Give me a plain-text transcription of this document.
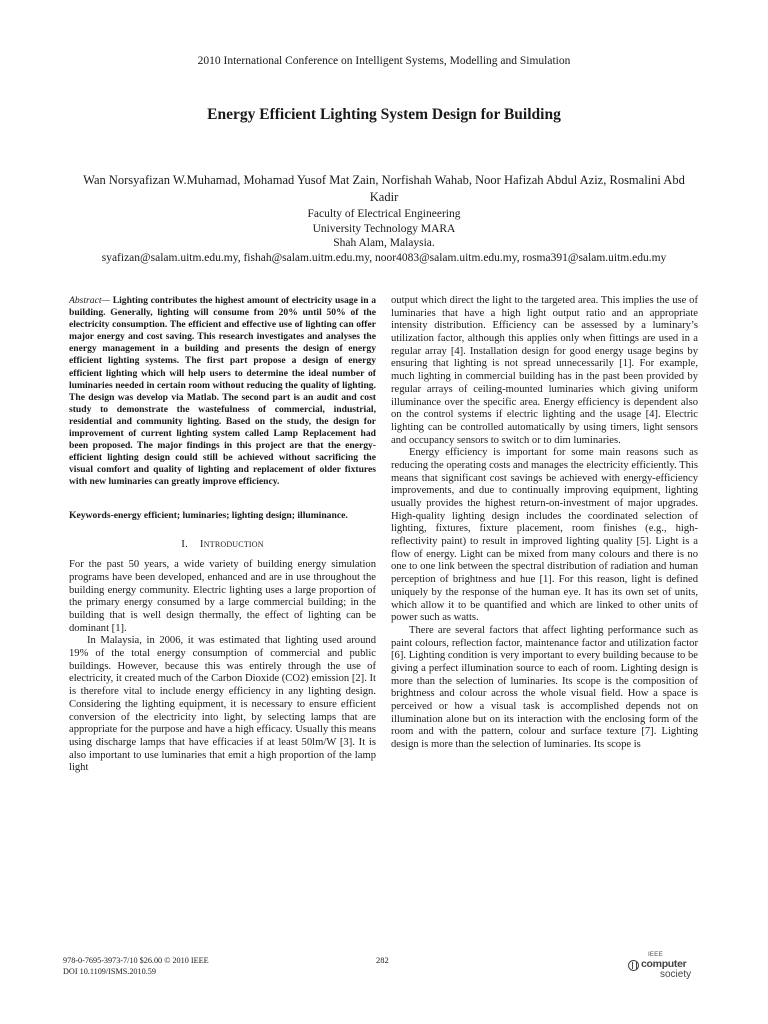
2010 International Conference on Intelligent Systems, Modelling and Simulation
Energy Efficient Lighting System Design for Building
Wan Norsyafizan W.Muhamad, Mohamad Yusof Mat Zain, Norfishah Wahab, Noor Hafizah Abdul Aziz, Rosmalini Abd Kadir
Faculty of Electrical Engineering
University Technology MARA
Shah Alam, Malaysia.
syafizan@salam.uitm.edu.my, fishah@salam.uitm.edu.my, noor4083@salam.uitm.edu.my, rosma391@salam.uitm.edu.my

Abstract— Lighting contributes the highest amount of electricity usage in a building. Generally, lighting will consume from 20% until 50% of the electricity consumption. The efficient and effective use of lighting can offer major energy and cost saving. This research investigates and analyses the energy management in a building and presents the design of energy efficient lighting systems. The first part propose a design of energy efficient lighting which will help users to determine the ideal number of luminaries needed in certain room without reducing the quality of lighting. The design was develop via Matlab. The second part is an audit and cost study to demonstrate the wastefulness of commercial, industrial, residential and community lighting. Based on the study, the design for improvement of current lighting system called Lamp Replacement had been proposed. The major findings in this project are that the energy-efficient lighting design could still be achieved without sacrificing the visual comfort and quality of lighting and replacement of older fixtures with new luminaries can greatly improve efficiency.

Keywords-energy efficient; luminaries; lighting design; illuminance.

I. Introduction

For the past 50 years, a wide variety of building energy simulation programs have been developed, enhanced and are in use throughout the building energy community. Electric lighting uses a large proportion of the primary energy consumed by a large commercial building; in the building that is well design thermally, the effect of lighting can be dominant [1].

In Malaysia, in 2006, it was estimated that lighting used around 19% of the total energy consumption of commercial and public buildings. However, because this was entirely through the use of electricity, it created much of the Carbon Dioxide (CO2) emission [2]. It is therefore vital to include energy efficiency in any lighting design. Considering the lighting equipment, it is necessary to ensure efficient conversion of the electricity into light, by selecting lamps that are appropriate for the purpose and have a high efficacy. Usually this means using discharge lamps that have efficacies if at least 50lm/W [3]. It is also important to use luminaries that emit a high proportion of the lamp light

output which direct the light to the targeted area. This implies the use of luminaries that have a high light output ratio and an appropriate intensity distribution. Efficiency can be assessed by a luminary’s utilization factor, although this applies only when fittings are used in a regular array [4]. Installation design for good energy usage begins by ensuring that lighting is not spread unnecessarily [1]. For example, much lighting in commercial building has in the past been provided by regular arrays of ceiling-mounted luminaries which giving uniform illuminance over the specific area. Energy efficiency is dependent also on the control systems if electric lighting and the usage [4]. Electric lighting can be controlled automatically by using timers, light sensors and occupancy sensors to switch or to dim luminaries.

Energy efficiency is important for some main reasons such as reducing the operating costs and manages the electricity efficiently. This means that significant cost savings be achieved with energy-efficiency improvements, and due to continually improving equipment, lighting usually provides the highest return-on-investment of major upgrades. High-quality lighting design includes the coordinated selection of lighting, fixtures, fixture placement, room finishes (e.g., high-reflectivity paint) to result in improved lighting quality [5]. Light is a flow of energy. Light can be mixed from many colours and there is no one to one link between the spectral distribution of radiation and human perception of brightness and hue [1]. For this reason, light is defined uniquely by the response of the human eye. It has its own set of units, which allow it to be quantified and which are linked to other units of power such as watts.

There are several factors that affect lighting performance such as paint colours, reflection factor, maintenance factor and utilization factor [6]. Lighting condition is very important to every building because to be giving a perfect illumination source to each of room. Lighting design is more than the selection of luminaries. Its scope is the composition of brightness and colour across the whole visual field. How a space is perceived or how a visual task is accomplished depends not on illumination alone but on its interaction with the enclosing form of the room and with the pattern, colour and surface texture [7]. Lighting design is more than the selection of luminaries. Its scope is

978-0-7695-3973-7/10 $26.00 © 2010 IEEE
DOI 10.1109/ISMS.2010.59
282
IEEE
computer
society
